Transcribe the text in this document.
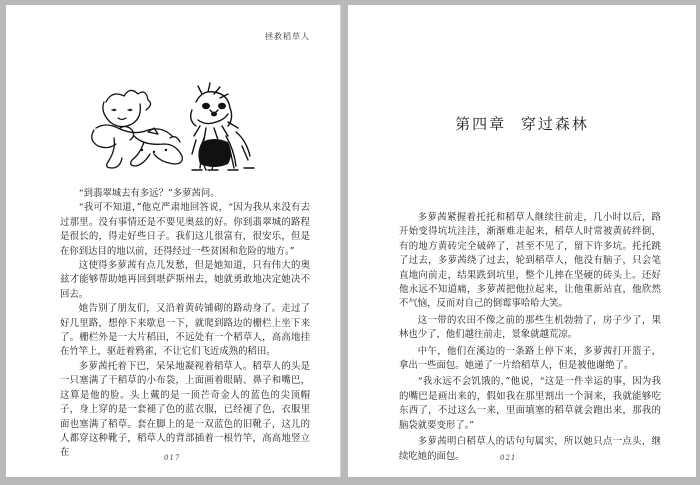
拯救稻草人

“到翡翠城去有多远？”多萝茜问。

“我可不知道，”他克严肃地回答说，“因为我从来没有去过那里。没有事情还是不要见奥兹的好。你到翡翠城的路程是很长的，得走好些日子。我们这儿很富有，很安乐，但是在你到达目的地以前，还得经过一些贫困和危险的地方。”

这使得多萝茜有点儿发愁，但是她知道，只有伟大的奥兹才能够帮助她再回到堪萨斯州去，她就勇敢地决定她决不回去。

她告别了朋友们，又沿着黄砖铺砌的路动身了。走过了好几里路，想停下来歇息一下，就爬到路边的栅栏上坐下来了。栅栏外是一大片稻田，不远处有一个稻草人，高高地挂在竹竿上，驱赶着鸦雀，不让它们飞近成熟的稻田。

多萝茜托着下巴，呆呆地凝视着稻草人。稻草人的头是一只塞满了干稻草的小布袋，上面画着眼睛、鼻子和嘴巴，这算是他的脸。头上戴的是一顶芒奇金人的蓝色的尖顶帽子，身上穿的是一套褪了色的蓝衣服，已经褪了色，衣服里面也塞满了稻草。套在脚上的是一双蓝色的旧靴子，这儿的人都穿这种靴子，稻草人的背部插着一根竹竿，高高地竖立在	017
第四章 穿过森林

多萝茜紧握着托托和稻草人继续往前走，几小时以后，路开始变得坑坑洼洼，渐渐难走起来，稻草人时常被黄砖绊倒，有的地方黄砖完全破碎了，甚至不见了，留下许多坑。托托跳了过去，多萝茜绕了过去，轮到稻草人，他没有脑子，只会笔直地向前走，结果跌到坑里，整个儿摔在坚硬的砖头上。还好他永远不知道痛，多萝茜把他拉起来，让他重新站直，他欣然不气恼，反而对自己的倒霉事哈哈大笑。

这一带的农田不像之前的那些生机勃勃了，房子少了，果林也少了，他们越往前走，景象就越荒凉。

中午，他们在溪边的一条路上停下来，多萝茜打开篮子，拿出一些面包。她递了一片给稻草人，但是被他谢绝了。

“我永远不会饥饿的，”他说，“这是一件幸运的事，因为我的嘴巴是画出来的，假如我在那里割出一个洞来，我就能够吃东西了，不过这么一来，里面填塞的稻草就会跑出来，那我的脑袋就要变形了。”

多萝茜明白稻草人的话句句属实，所以她只点一点头，继续吃她的面包。	021
